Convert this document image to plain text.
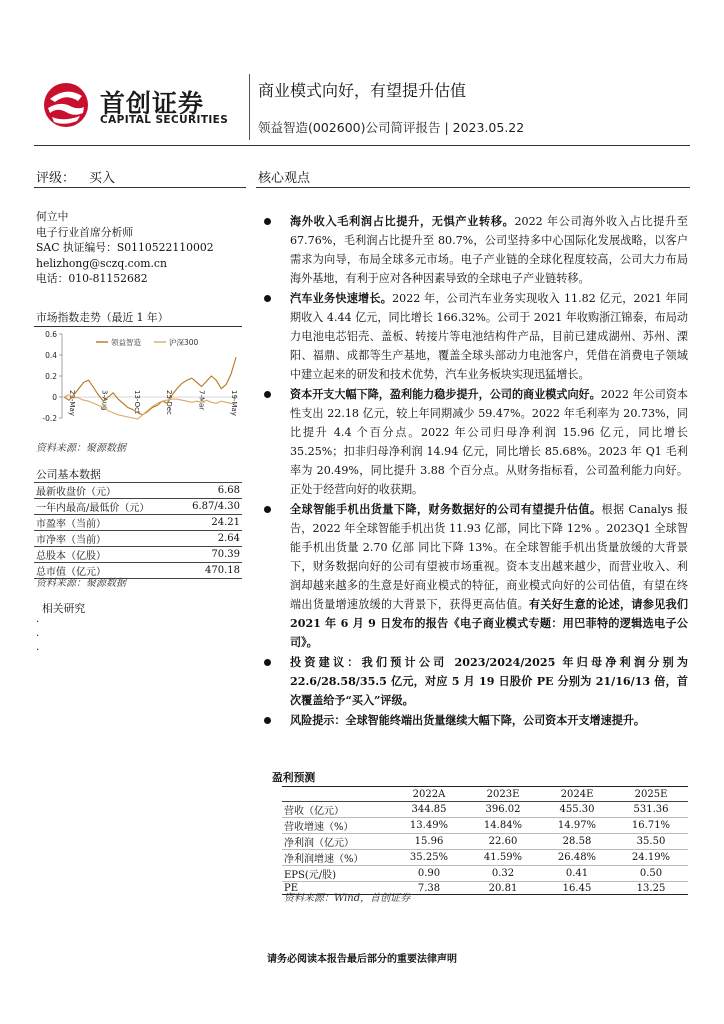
首创证券
CAPITAL SECURITIES
商业模式向好，有望提升估值
领益智造(002600)公司简评报告 | 2023.05.22
评级： 买入	核心观点
何立中
电子行业首席分析师
SAC 执证编号：S0110522110002
helizhong@sczq.com.cn
电话：010-81152682
市场指数走势（最近 1 年）
0.6
0.4
0.2
0
-0.2
23-May	3-Aug	13-Oct	25-Dec	7-Mar	19-May
领益智造	沪深300
资料来源：聚源数据
公司基本数据
最新收盘价（元）	6.68
一年内最高/最低价（元）	6.87/4.30
市盈率（当前）	24.21
市净率（当前）	2.64
总股本（亿股）	70.39
总市值（亿元）	470.18
资料来源：聚源数据
相关研究
·
·
·
海外收入毛利润占比提升，无惧产业转移。2022 年公司海外收入占比提升至 67.76%，毛利润占比提升至 80.7%，公司坚持多中心国际化发展战略，以客户需求为向导，布局全球多元市场。电子产业链的全球化程度较高，公司大力布局海外基地，有利于应对各种因素导致的全球电子产业链转移。
汽车业务快速增长。2022 年，公司汽车业务实现收入 11.82 亿元，2021 年同期收入 4.44 亿元，同比增长 166.32%。公司于 2021 年收购浙江锦泰，布局动力电池电芯铝壳、盖板、转接片等电池结构件产品，目前已建成湖州、苏州、溧阳、福鼎、成都等生产基地，覆盖全球头部动力电池客户，凭借在消费电子领域中建立起来的研发和技术优势，汽车业务板块实现迅猛增长。
资本开支大幅下降，盈利能力稳步提升，公司的商业模式向好。2022 年公司资本性支出 22.18 亿元，较上年同期减少 59.47%。2022 年毛利率为 20.73%，同比提升 4.4 个百分点。2022 年公司归母净利润 15.96 亿元，同比增长 35.25%；扣非归母净利润 14.94 亿元，同比增长 85.68%。2023 年 Q1 毛利率为 20.49%，同比提升 3.88 个百分点。从财务指标看，公司盈利能力向好。正处于经营向好的收获期。
全球智能手机出货量下降，财务数据好的公司有望提升估值。根据 Canalys 报告，2022 年全球智能手机出货 11.93 亿部，同比下降 12% 。2023Q1 全球智能手机出货量 2.70 亿部 同比下降 13%。在全球智能手机出货量放缓的大背景下，财务数据向好的公司有望被市场重视。资本支出越来越少，而营业收入、利润却越来越多的生意是好商业模式的特征，商业模式向好的公司估值，有望在终端出货量增速放缓的大背景下，获得更高估值。有关好生意的论述，请参见我们 2021 年 6 月 9 日发布的报告《电子商业模式专题：用巴菲特的逻辑选电子公司》。
投资建议：我们预计公司 2023/2024/2025 年归母净利润分别为 22.6/28.58/35.5 亿元，对应 5 月 19 日股价 PE 分别为 21/16/13 倍，首次覆盖给予“买入”评级。
风险提示：全球智能终端出货量继续大幅下降，公司资本开支增速提升。
盈利预测
	2022A	2023E	2024E	2025E
营收（亿元）	344.85	396.02	455.30	531.36
营收增速（%）	13.49%	14.84%	14.97%	16.71%
净利润（亿元）	15.96	22.60	28.58	35.50
净利润增速（%）	35.25%	41.59%	26.48%	24.19%
EPS(元/股)	0.90	0.32	0.41	0.50
PE	7.38	20.81	16.45	13.25
资料来源：Wind，首创证券
请务必阅读本报告最后部分的重要法律声明
